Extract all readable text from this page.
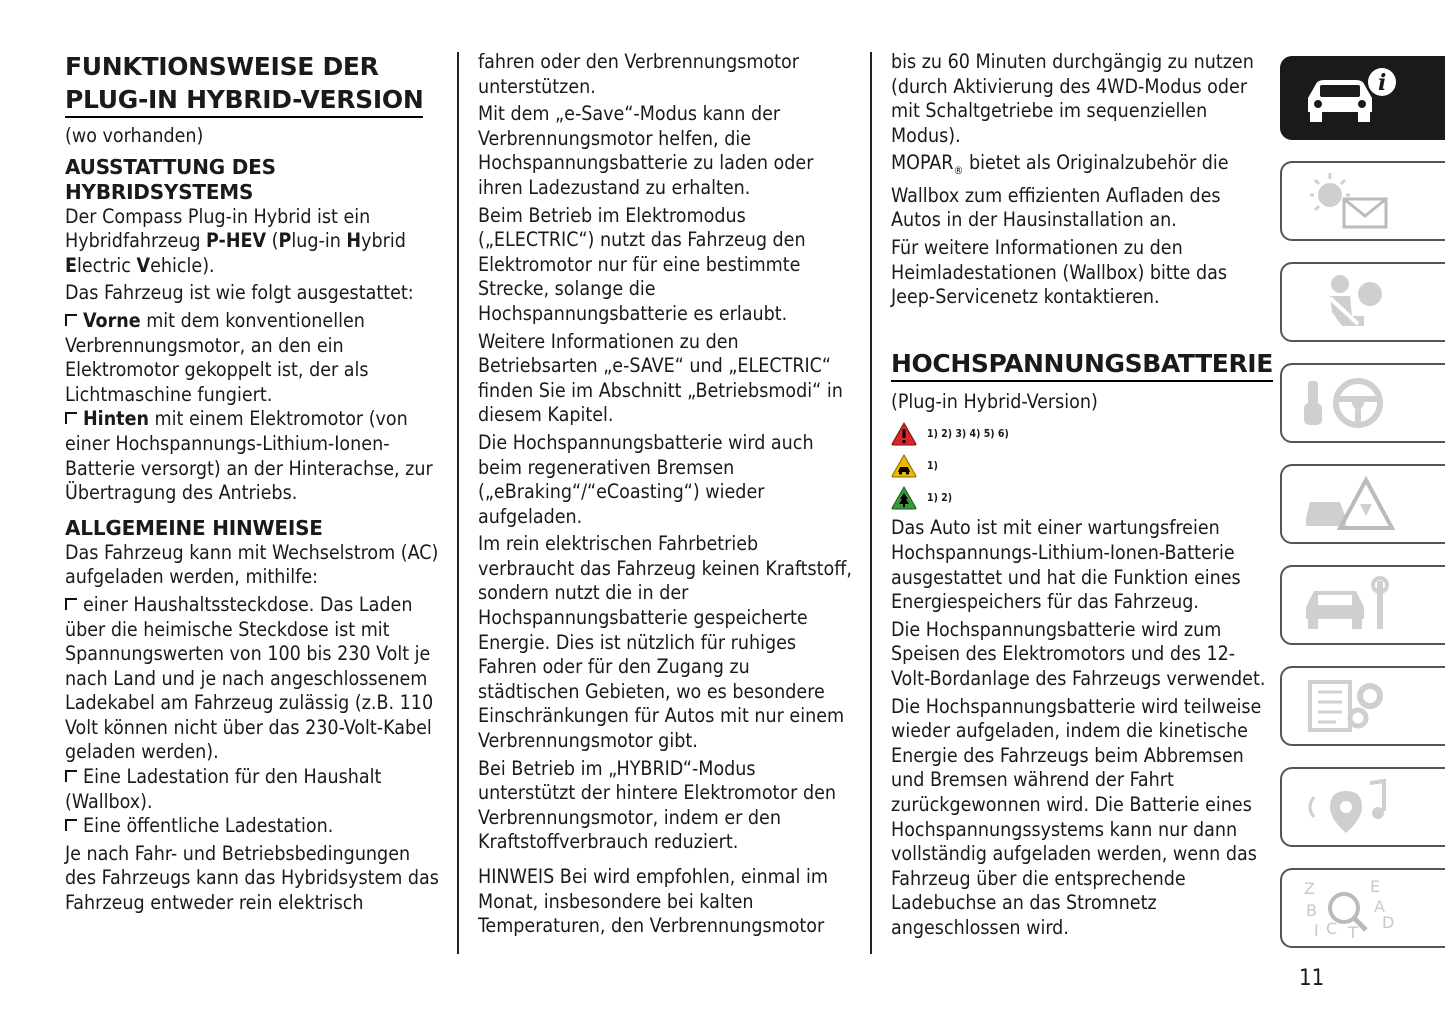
FUNKTIONSWEISE DER
PLUG-IN HYBRID-VERSION

(wo vorhanden)

AUSSTATTUNG DES
HYBRIDSYSTEMS

Der Compass Plug-in Hybrid ist ein Hybridfahrzeug P-HEV (Plug-in Hybrid Electric Vehicle).

Das Fahrzeug ist wie folgt ausgestattet:

Vorne mit dem konventionellen Verbrennungsmotor, an den ein Elektromotor gekoppelt ist, der als Lichtmaschine fungiert.
Hinten mit einem Elektromotor (von einer Hochspannungs-Lithium-Ionen-Batterie versorgt) an der Hinterachse, zur Übertragung des Antriebs.
ALLGEMEINE HINWEISE

Das Fahrzeug kann mit Wechselstrom (AC) aufgeladen werden, mithilfe:

einer Haushaltssteckdose. Das Laden über die heimische Steckdose ist mit Spannungswerten von 100 bis 230 Volt je nach Land und je nach angeschlossenem Ladekabel am Fahrzeug zulässig (z.B. 110 Volt können nicht über das 230-Volt-Kabel geladen werden).
Eine Ladestation für den Haushalt (Wallbox).
Eine öffentliche Ladestation.

Je nach Fahr- und Betriebsbedingungen des Fahrzeugs kann das Hybridsystem das Fahrzeug entweder rein elektrisch

fahren oder den Verbrennungsmotor unterstützen.

Mit dem „e-Save“-Modus kann der Verbrennungsmotor helfen, die Hochspannungsbatterie zu laden oder ihren Ladezustand zu erhalten.

Beim Betrieb im Elektromodus („ELECTRIC“) nutzt das Fahrzeug den Elektromotor nur für eine bestimmte Strecke, solange die Hochspannungsbatterie es erlaubt.

Weitere Informationen zu den Betriebsarten „e-SAVE“ und „ELECTRIC“ finden Sie im Abschnitt „Betriebsmodi“ in diesem Kapitel.

Die Hochspannungsbatterie wird auch beim regenerativen Bremsen („eBraking“/“eCoasting“) wieder aufgeladen.

Im rein elektrischen Fahrbetrieb verbraucht das Fahrzeug keinen Kraftstoff, sondern nutzt die in der Hochspannungsbatterie gespeicherte Energie. Dies ist nützlich für ruhiges Fahren oder für den Zugang zu städtischen Gebieten, wo es besondere Einschränkungen für Autos mit nur einem Verbrennungsmotor gibt.

Bei Betrieb im „HYBRID“-Modus unterstützt der hintere Elektromotor den Verbrennungsmotor, indem er den Kraftstoffverbrauch reduziert.

HINWEIS Bei wird empfohlen, einmal im Monat, insbesondere bei kalten Temperaturen, den Verbrennungsmotor

bis zu 60 Minuten durchgängig zu nutzen (durch Aktivierung des 4WD-Modus oder mit Schaltgetriebe im sequenziellen Modus).

$MOPAR_®$ bietet als Originalzubehör die Wallbox zum effizienten Aufladen des Autos in der Hausinstallation an.

Für weitere Informationen zu den Heimladestationen (Wallbox) bitte das Jeep-Servicenetz kontaktieren.

HOCHSPANNUNGSBATTERIE

(Plug-in Hybrid-Version)

1) 2) 3) 4) 5) 6)
1)
1) 2)

Das Auto ist mit einer wartungsfreien Hochspannungs-Lithium-Ionen-Batterie ausgestattet und hat die Funktion eines Energiespeichers für das Fahrzeug.

Die Hochspannungsbatterie wird zum Speisen des Elektromotors und des 12-Volt-Bordanlage des Fahrzeugs verwendet.

Die Hochspannungsbatterie wird teilweise wieder aufgeladen, indem die kinetische Energie des Fahrzeugs beim Abbremsen und Bremsen während der Fahrt zurückgewonnen wird. Die Batterie eines Hochspannungssystems kann nur dann vollständig aufgeladen werden, wenn das Fahrzeug über die entsprechende Ladebuchse an das Stromnetz angeschlossen wird.

i
Z	E
B	A
I C T
D
11
